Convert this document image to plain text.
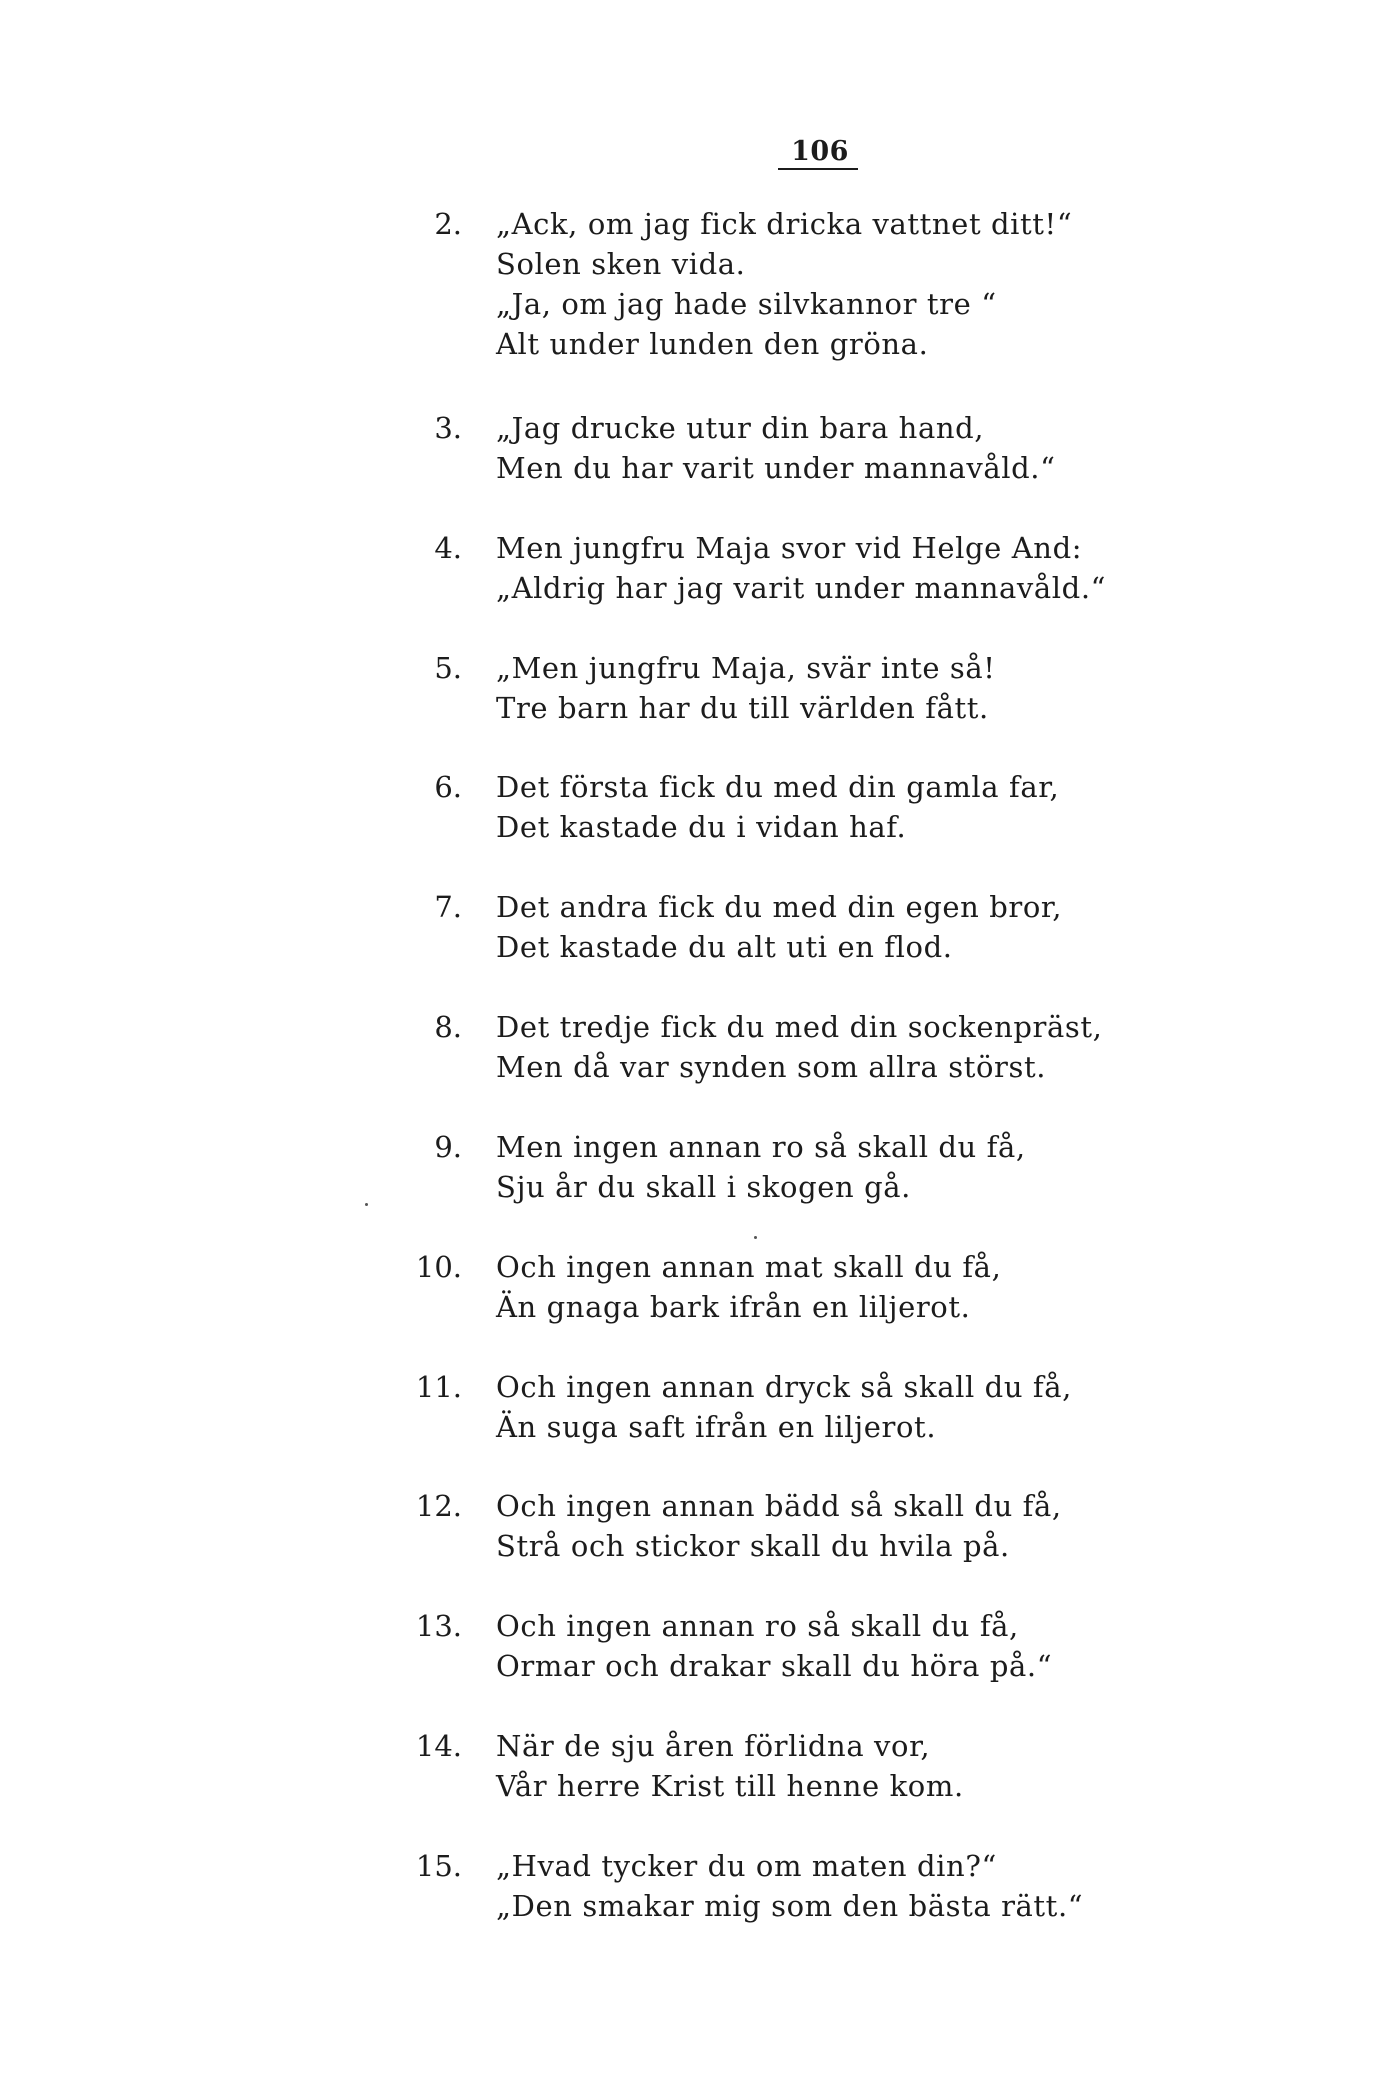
106
2. „Ack, om jag fick dricka vattnet ditt!“
Solen sken vida.
„Ja, om jag hade silvkannor tre “
Alt under lunden den gröna.
3. „Jag drucke utur din bara hand,
Men du har varit under mannavåld.“
4. Men jungfru Maja svor vid Helge And:
„Aldrig har jag varit under mannavåld.“
5. „Men jungfru Maja, svär inte så!
Tre barn har du till världen fått.
6. Det första fick du med din gamla far,
Det kastade du i vidan haf.
7. Det andra fick du med din egen bror,
Det kastade du alt uti en flod.
8. Det tredje fick du med din sockenpräst,
Men då var synden som allra störst.
9. Men ingen annan ro så skall du få,
Sju år du skall i skogen gå.
10. Och ingen annan mat skall du få,
Än gnaga bark ifrån en liljerot.
11. Och ingen annan dryck så skall du få,
Än suga saft ifrån en liljerot.
12. Och ingen annan bädd så skall du få,
Strå och stickor skall du hvila på.
13. Och ingen annan ro så skall du få,
Ormar och drakar skall du höra på.“
14. När de sju åren förlidna vor,
Vår herre Krist till henne kom.
15. „Hvad tycker du om maten din?“
„Den smakar mig som den bästa rätt.“
